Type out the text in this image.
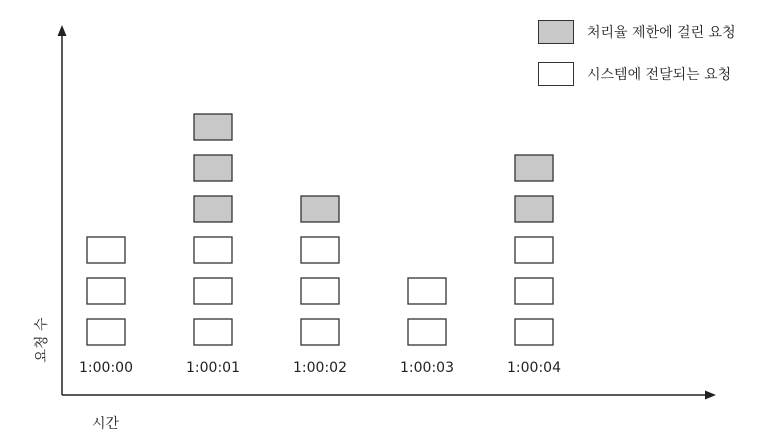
1:00:00	1:00:01	1:00:02	1:00:03	1:00:04
처리율 제한에 걸린 요청
시스템에 전달되는 요청
요청 수
시간
